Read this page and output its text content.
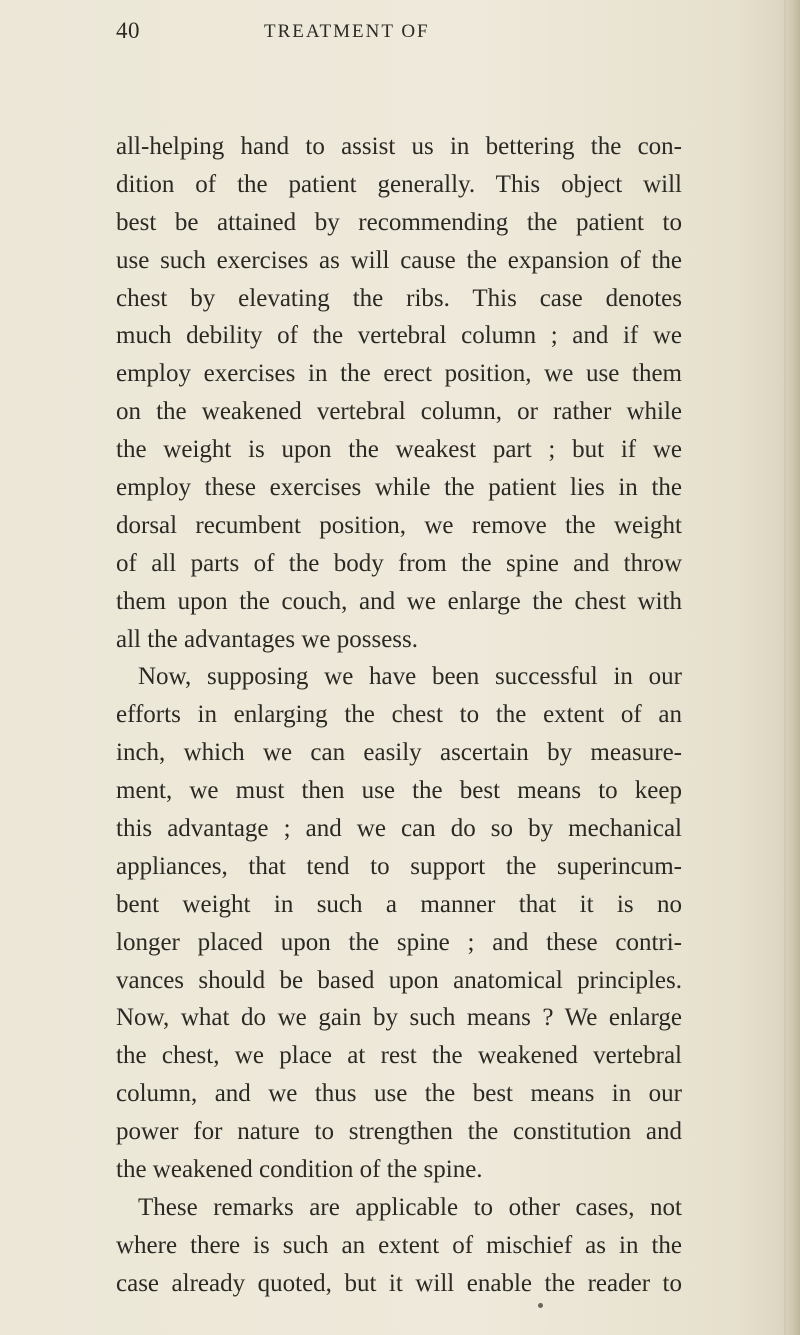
40	TREATMENT OF
all-helping hand to assist us in bettering the con-
dition of the patient generally. This object will
best be attained by recommending the patient to
use such exercises as will cause the expansion of the
chest by elevating the ribs. This case denotes
much debility of the vertebral column ; and if we
employ exercises in the erect position, we use them
on the weakened vertebral column, or rather while
the weight is upon the weakest part ; but if we
employ these exercises while the patient lies in the
dorsal recumbent position, we remove the weight
of all parts of the body from the spine and throw
them upon the couch, and we enlarge the chest with
all the advantages we possess.
Now, supposing we have been successful in our
efforts in enlarging the chest to the extent of an
inch, which we can easily ascertain by measure-
ment, we must then use the best means to keep
this advantage ; and we can do so by mechanical
appliances, that tend to support the superincum-
bent weight in such a manner that it is no
longer placed upon the spine ; and these contri-
vances should be based upon anatomical principles.
Now, what do we gain by such means ? We enlarge
the chest, we place at rest the weakened vertebral
column, and we thus use the best means in our
power for nature to strengthen the constitution and
the weakened condition of the spine.
These remarks are applicable to other cases, not
where there is such an extent of mischief as in the
case already quoted, but it will enable the reader to
